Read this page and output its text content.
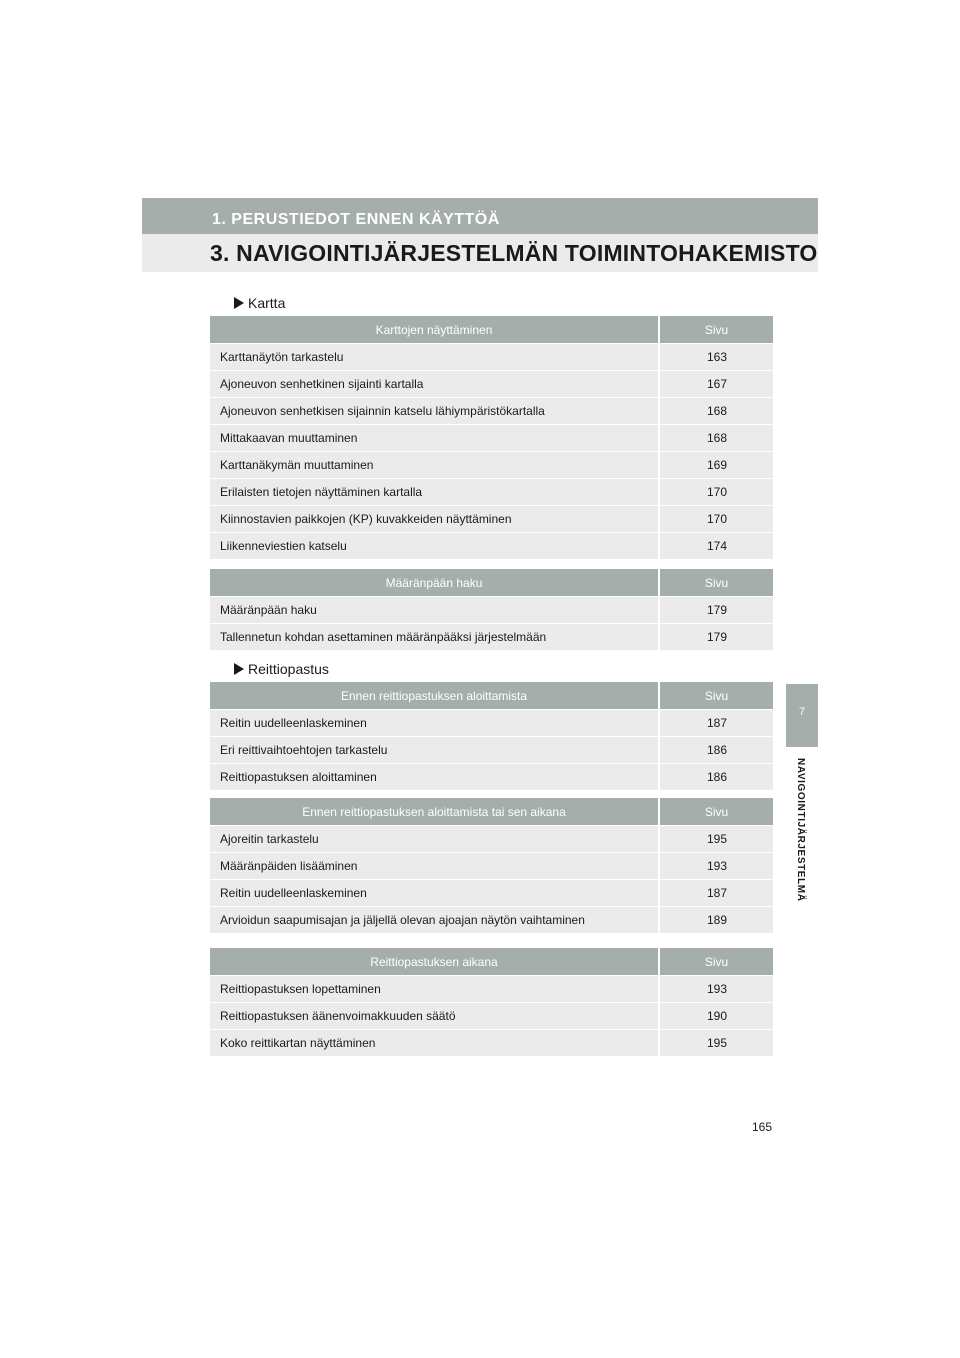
1. PERUSTIEDOT ENNEN KÄYTTÖÄ
3. NAVIGOINTIJÄRJESTELMÄN TOIMINTOHAKEMISTO
7
NAVIGOINTIJÄRJESTELMÄ
Kartta
Karttojen näyttäminen	Sivu
Karttanäytön tarkastelu	163
Ajoneuvon senhetkinen sijainti kartalla	167
Ajoneuvon senhetkisen sijainnin katselu lähiympäristökartalla	168
Mittakaavan muuttaminen	168
Karttanäkymän muuttaminen	169
Erilaisten tietojen näyttäminen kartalla	170
Kiinnostavien paikkojen (KP) kuvakkeiden näyttäminen	170
Liikenneviestien katselu	174
Määränpään haku	Sivu
Määränpään haku	179
Tallennetun kohdan asettaminen määränpääksi järjestelmään	179
Reittiopastus
Ennen reittiopastuksen aloittamista	Sivu
Reitin uudelleenlaskeminen	187
Eri reittivaihtoehtojen tarkastelu	186
Reittiopastuksen aloittaminen	186
Ennen reittiopastuksen aloittamista tai sen aikana	Sivu
Ajoreitin tarkastelu	195
Määränpäiden lisääminen	193
Reitin uudelleenlaskeminen	187
Arvioidun saapumisajan ja jäljellä olevan ajoajan näytön vaihtaminen	189
Reittiopastuksen aikana	Sivu
Reittiopastuksen lopettaminen	193
Reittiopastuksen äänenvoimakkuuden säätö	190
Koko reittikartan näyttäminen	195
165
